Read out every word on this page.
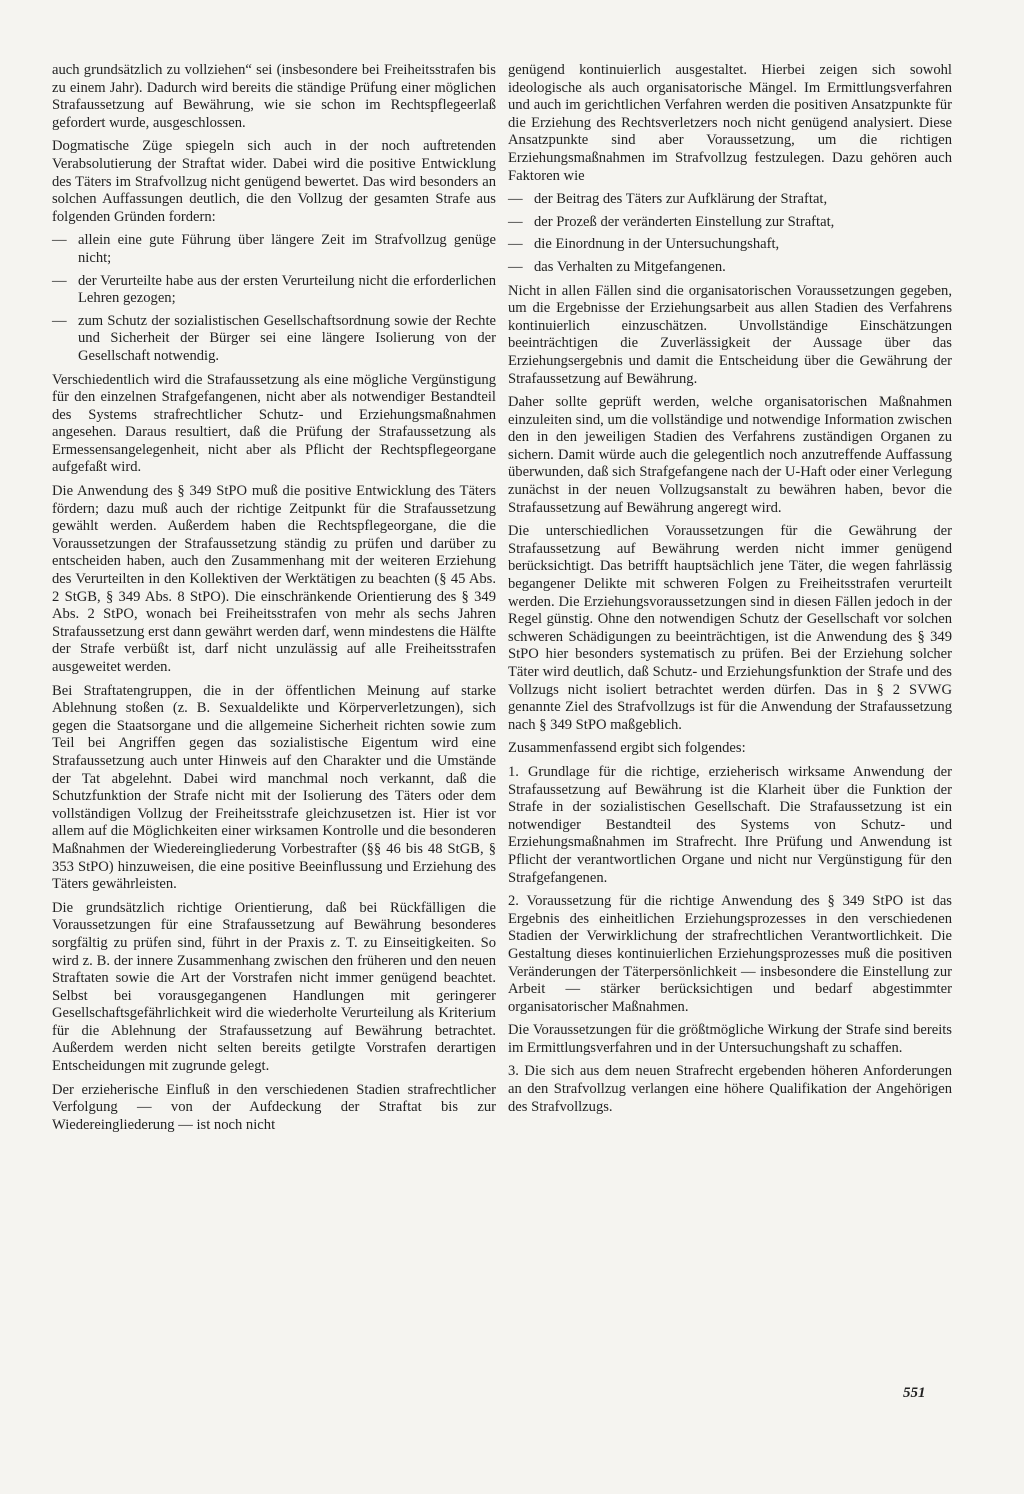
auch grundsätzlich zu vollziehen“ sei (insbesondere bei Freiheitsstrafen bis zu einem Jahr). Dadurch wird bereits die ständige Prüfung einer möglichen Strafaussetzung auf Bewährung, wie sie schon im Rechtspflegeerlaß gefordert wurde, ausgeschlossen.

Dogmatische Züge spiegeln sich auch in der noch auftretenden Verabsolutierung der Straftat wider. Dabei wird die positive Entwicklung des Täters im Strafvollzug nicht genügend bewertet. Das wird besonders an solchen Auffassungen deutlich, die den Vollzug der gesamten Strafe aus folgenden Gründen fordern:

— allein eine gute Führung über längere Zeit im Strafvollzug genüge nicht;
— der Verurteilte habe aus der ersten Verurteilung nicht die erforderlichen Lehren gezogen;
— zum Schutz der sozialistischen Gesellschaftsordnung sowie der Rechte und Sicherheit der Bürger sei eine längere Isolierung von der Gesellschaft notwendig.

Verschiedentlich wird die Strafaussetzung als eine mögliche Vergünstigung für den einzelnen Strafgefangenen, nicht aber als notwendiger Bestandteil des Systems strafrechtlicher Schutz- und Erziehungsmaßnahmen angesehen. Daraus resultiert, daß die Prüfung der Strafaussetzung als Ermessensangelegenheit, nicht aber als Pflicht der Rechtspflegeorgane aufgefaßt wird.

Die Anwendung des § 349 StPO muß die positive Entwicklung des Täters fördern; dazu muß auch der richtige Zeitpunkt für die Strafaussetzung gewählt werden. Außerdem haben die Rechtspflegeorgane, die die Voraussetzungen der Strafaussetzung ständig zu prüfen und darüber zu entscheiden haben, auch den Zusammenhang mit der weiteren Erziehung des Verurteilten in den Kollektiven der Werktätigen zu beachten (§ 45 Abs. 2 StGB, § 349 Abs. 8 StPO). Die einschränkende Orientierung des § 349 Abs. 2 StPO, wonach bei Freiheitsstrafen von mehr als sechs Jahren Strafaussetzung erst dann gewährt werden darf, wenn mindestens die Hälfte der Strafe verbüßt ist, darf nicht unzulässig auf alle Freiheitsstrafen ausgeweitet werden.

Bei Straftatengruppen, die in der öffentlichen Meinung auf starke Ablehnung stoßen (z. B. Sexualdelikte und Körperverletzungen), sich gegen die Staatsorgane und die allgemeine Sicherheit richten sowie zum Teil bei Angriffen gegen das sozialistische Eigentum wird eine Strafaussetzung auch unter Hinweis auf den Charakter und die Umstände der Tat abgelehnt. Dabei wird manchmal noch verkannt, daß die Schutzfunktion der Strafe nicht mit der Isolierung des Täters oder dem vollständigen Vollzug der Freiheitsstrafe gleichzusetzen ist. Hier ist vor allem auf die Möglichkeiten einer wirksamen Kontrolle und die besonderen Maßnahmen der Wiedereingliederung Vorbestrafter (§§ 46 bis 48 StGB, § 353 StPO) hinzuweisen, die eine positive Beeinflussung und Erziehung des Täters gewährleisten.

Die grundsätzlich richtige Orientierung, daß bei Rückfälligen die Voraussetzungen für eine Strafaussetzung auf Bewährung besonderes sorgfältig zu prüfen sind, führt in der Praxis z. T. zu Einseitigkeiten. So wird z. B. der innere Zusammenhang zwischen den früheren und den neuen Straftaten sowie die Art der Vorstrafen nicht immer genügend beachtet. Selbst bei vorausgegangenen Handlungen mit geringerer Gesellschaftsgefährlichkeit wird die wiederholte Verurteilung als Kriterium für die Ablehnung der Strafaussetzung auf Bewährung betrachtet. Außerdem werden nicht selten bereits getilgte Vorstrafen derartigen Entscheidungen mit zugrunde gelegt.

Der erzieherische Einfluß in den verschiedenen Stadien strafrechtlicher Verfolgung — von der Aufdeckung der Straftat bis zur Wiedereingliederung — ist noch nicht

genügend kontinuierlich ausgestaltet. Hierbei zeigen sich sowohl ideologische als auch organisatorische Mängel. Im Ermittlungsverfahren und auch im gerichtlichen Verfahren werden die positiven Ansatzpunkte für die Erziehung des Rechtsverletzers noch nicht genügend analysiert. Diese Ansatzpunkte sind aber Voraussetzung, um die richtigen Erziehungsmaßnahmen im Strafvollzug festzulegen. Dazu gehören auch Faktoren wie

— der Beitrag des Täters zur Aufklärung der Straftat,
— der Prozeß der veränderten Einstellung zur Straftat,
— die Einordnung in der Untersuchungshaft,
— das Verhalten zu Mitgefangenen.

Nicht in allen Fällen sind die organisatorischen Voraussetzungen gegeben, um die Ergebnisse der Erziehungsarbeit aus allen Stadien des Verfahrens kontinuierlich einzuschätzen. Unvollständige Einschätzungen beeinträchtigen die Zuverlässigkeit der Aussage über das Erziehungsergebnis und damit die Entscheidung über die Gewährung der Strafaussetzung auf Bewährung.

Daher sollte geprüft werden, welche organisatorischen Maßnahmen einzuleiten sind, um die vollständige und notwendige Information zwischen den in den jeweiligen Stadien des Verfahrens zuständigen Organen zu sichern. Damit würde auch die gelegentlich noch anzutreffende Auffassung überwunden, daß sich Strafgefangene nach der U-Haft oder einer Verlegung zunächst in der neuen Vollzugsanstalt zu bewähren haben, bevor die Strafaussetzung auf Bewährung angeregt wird.

Die unterschiedlichen Voraussetzungen für die Gewährung der Strafaussetzung auf Bewährung werden nicht immer genügend berücksichtigt. Das betrifft hauptsächlich jene Täter, die wegen fahrlässig begangener Delikte mit schweren Folgen zu Freiheitsstrafen verurteilt werden. Die Erziehungsvoraussetzungen sind in diesen Fällen jedoch in der Regel günstig. Ohne den notwendigen Schutz der Gesellschaft vor solchen schweren Schädigungen zu beeinträchtigen, ist die Anwendung des § 349 StPO hier besonders systematisch zu prüfen. Bei der Erziehung solcher Täter wird deutlich, daß Schutz- und Erziehungsfunktion der Strafe und des Vollzugs nicht isoliert betrachtet werden dürfen. Das in § 2 SVWG genannte Ziel des Strafvollzugs ist für die Anwendung der Strafaussetzung nach § 349 StPO maßgeblich.

Zusammenfassend ergibt sich folgendes:

1. Grundlage für die richtige, erzieherisch wirksame Anwendung der Strafaussetzung auf Bewährung ist die Klarheit über die Funktion der Strafe in der sozialistischen Gesellschaft. Die Strafaussetzung ist ein notwendiger Bestandteil des Systems von Schutz- und Erziehungsmaßnahmen im Strafrecht. Ihre Prüfung und Anwendung ist Pflicht der verantwortlichen Organe und nicht nur Vergünstigung für den Strafgefangenen.

2. Voraussetzung für die richtige Anwendung des § 349 StPO ist das Ergebnis des einheitlichen Erziehungsprozesses in den verschiedenen Stadien der Verwirklichung der strafrechtlichen Verantwortlichkeit. Die Gestaltung dieses kontinuierlichen Erziehungsprozesses muß die positiven Veränderungen der Täterpersönlichkeit — insbesondere die Einstellung zur Arbeit — stärker berücksichtigen und bedarf abgestimmter organisatorischer Maßnahmen.

Die Voraussetzungen für die größtmögliche Wirkung der Strafe sind bereits im Ermittlungsverfahren und in der Untersuchungshaft zu schaffen.

3. Die sich aus dem neuen Strafrecht ergebenden höheren Anforderungen an den Strafvollzug verlangen eine höhere Qualifikation der Angehörigen des Strafvollzugs.

551
